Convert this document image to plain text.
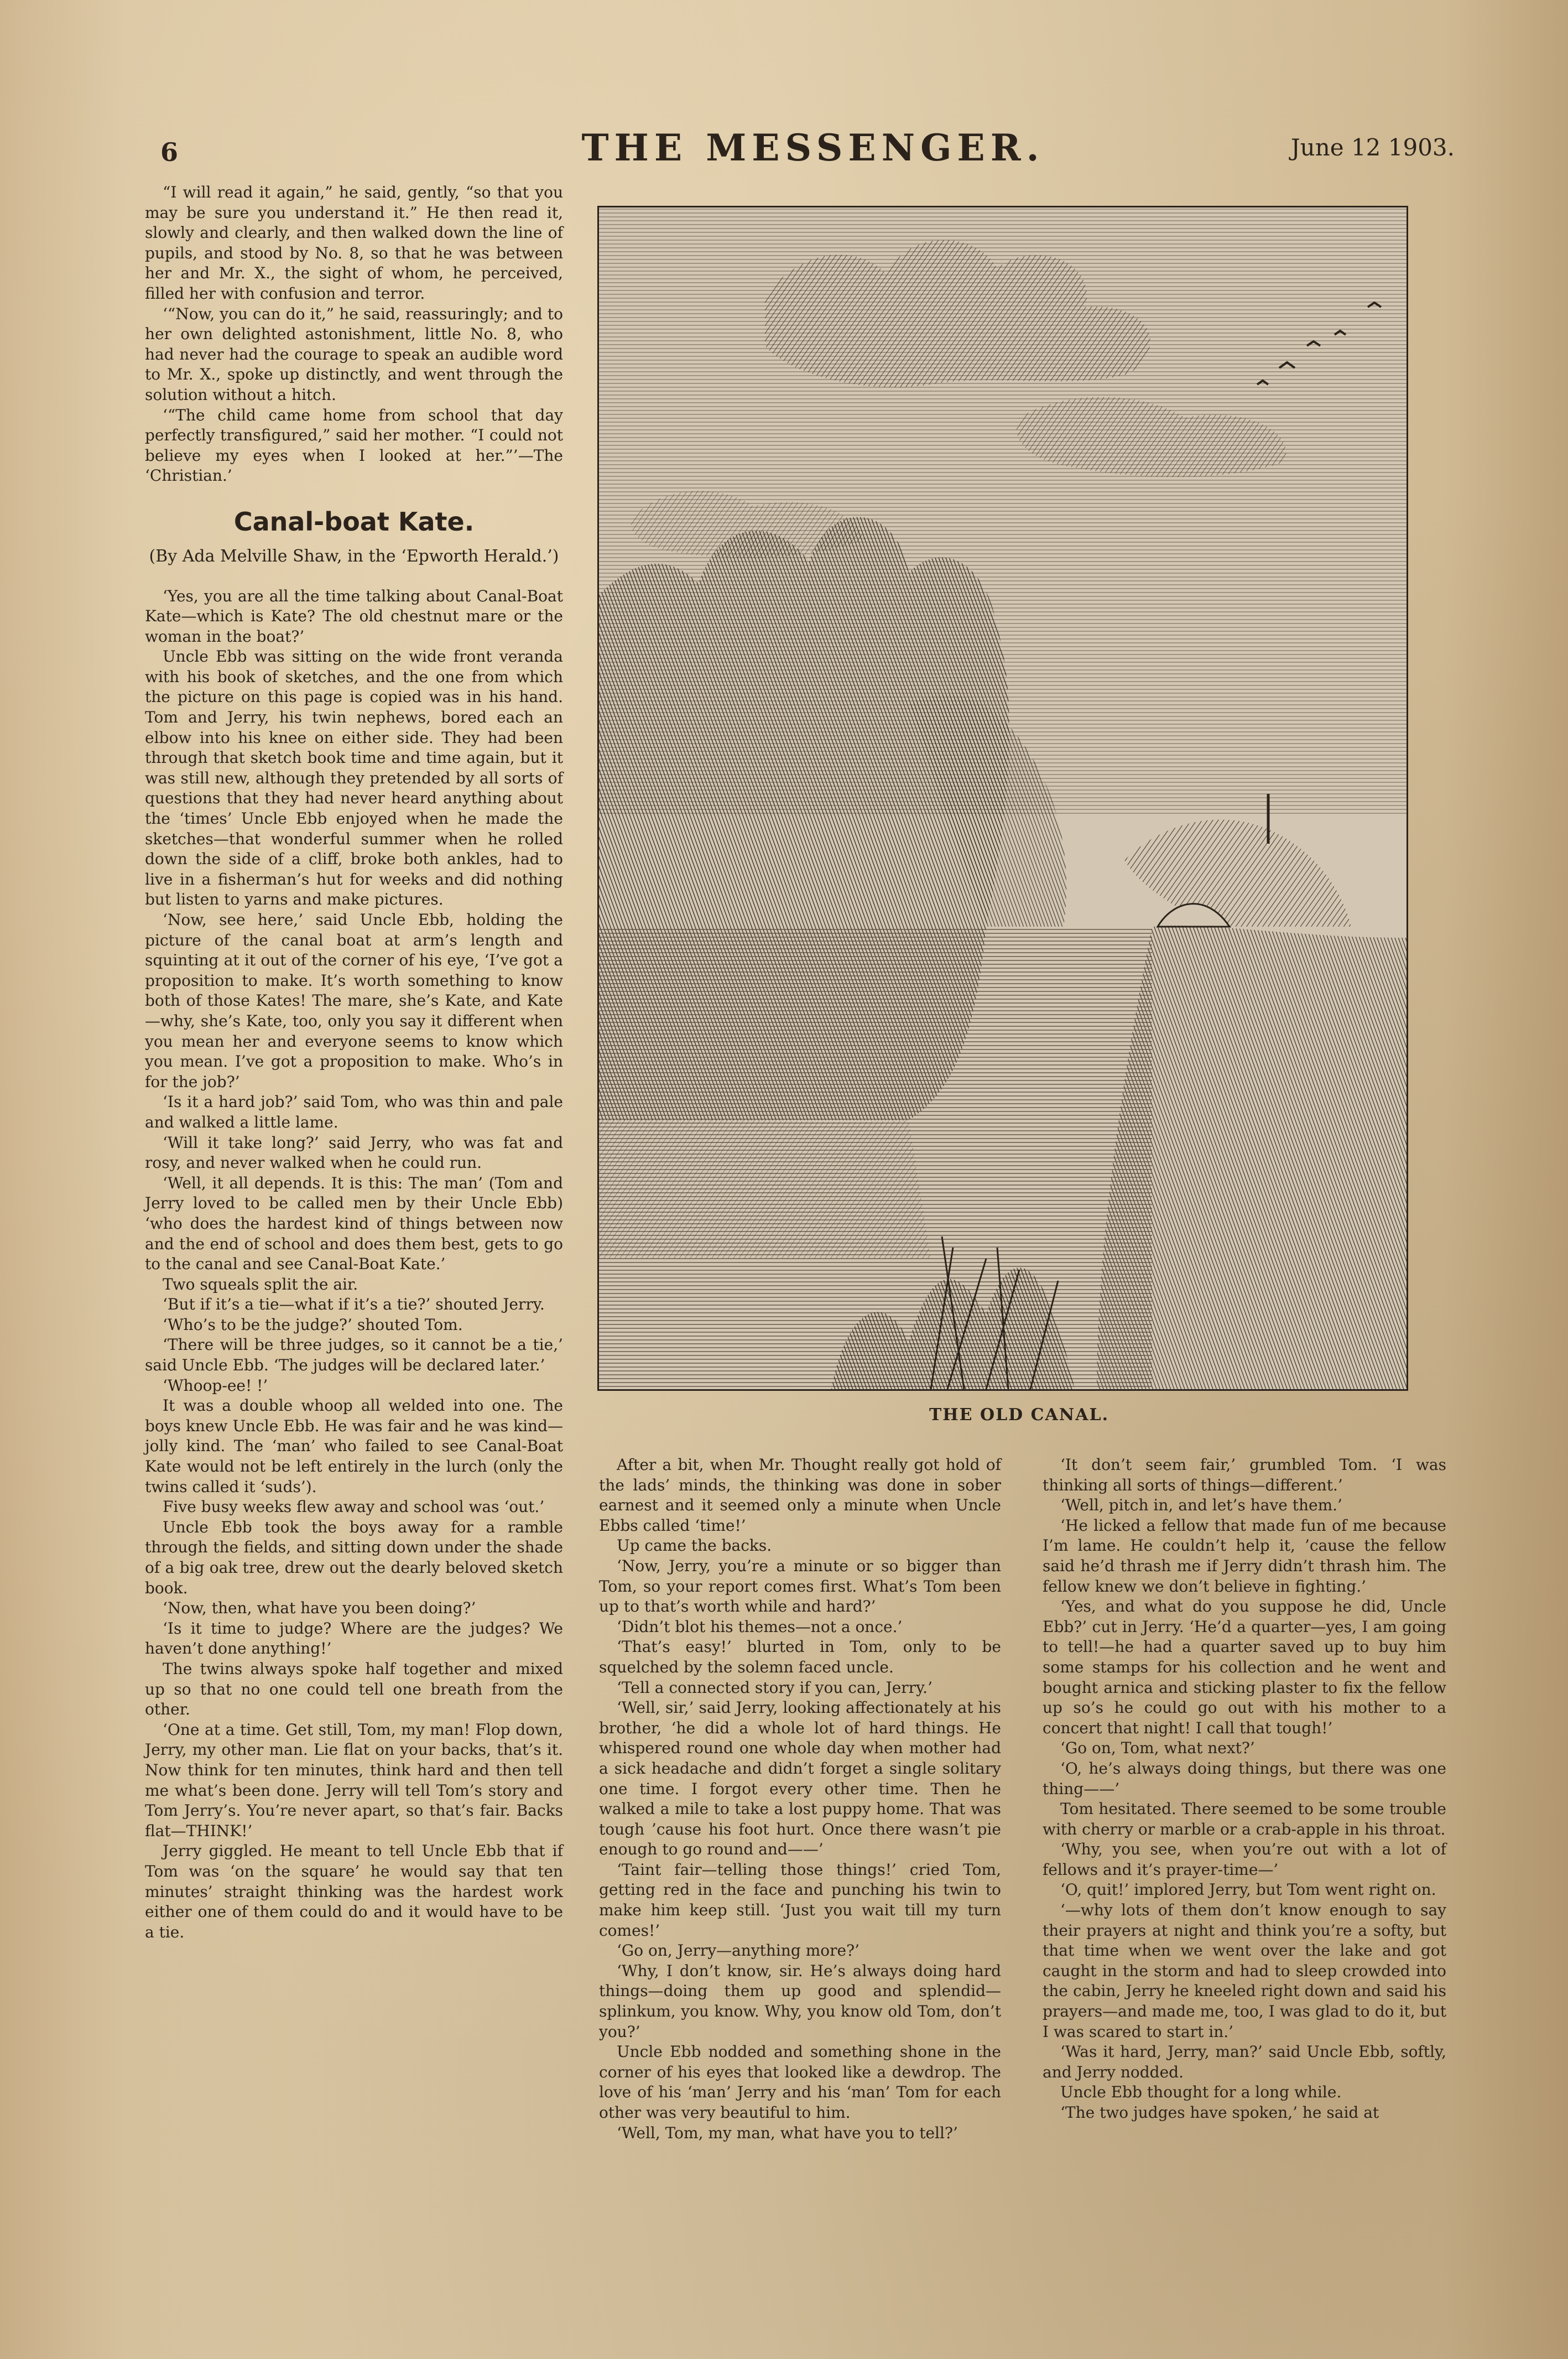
6	THE MESSENGER.	June 12 1903.

“I will read it again,” he said, gently, “so that you may be sure you understand it.” He then read it, slowly and clearly, and then walked down the line of pupils, and stood by No. 8, so that he was between her and Mr. X., the sight of whom, he perceived, filled her with confusion and terror.

‘“Now, you can do it,” he said, reassuringly; and to her own delighted astonishment, little No. 8, who had never had the courage to speak an audible word to Mr. X., spoke up distinctly, and went through the solution without a hitch.

‘“The child came home from school that day perfectly transfigured,” said her mother. “I could not believe my eyes when I looked at her.”’—The ‘Christian.’

Canal-boat Kate.
(By Ada Melville Shaw, in the ‘Epworth Herald.’)

‘Yes, you are all the time talking about Canal-Boat Kate—which is Kate? The old chestnut mare or the woman in the boat?’

Uncle Ebb was sitting on the wide front veranda with his book of sketches, and the one from which the picture on this page is copied was in his hand. Tom and Jerry, his twin nephews, bored each an elbow into his knee on either side. They had been through that sketch book time and time again, but it was still new, although they pretended by all sorts of questions that they had never heard anything about the ‘times’ Uncle Ebb enjoyed when he made the sketches—that wonderful summer when he rolled down the side of a cliff, broke both ankles, had to live in a fisherman’s hut for weeks and did nothing but listen to yarns and make pictures.

‘Now, see here,’ said Uncle Ebb, holding the picture of the canal boat at arm’s length and squinting at it out of the corner of his eye, ‘I’ve got a proposition to make. It’s worth something to know both of those Kates! The mare, she’s Kate, and Kate—why, she’s Kate, too, only you say it different when you mean her and everyone seems to know which you mean. I’ve got a proposition to make. Who’s in for the job?’

‘Is it a hard job?’ said Tom, who was thin and pale and walked a little lame.

‘Will it take long?’ said Jerry, who was fat and rosy, and never walked when he could run.

‘Well, it all depends. It is this: The man’ (Tom and Jerry loved to be called men by their Uncle Ebb) ‘who does the hardest kind of things between now and the end of school and does them best, gets to go to the canal and see Canal-Boat Kate.’

Two squeals split the air.

‘But if it’s a tie—what if it’s a tie?’ shouted Jerry.

‘Who’s to be the judge?’ shouted Tom.

‘There will be three judges, so it cannot be a tie,’ said Uncle Ebb. ‘The judges will be declared later.’

‘Whoop-ee! !’

It was a double whoop all welded into one. The boys knew Uncle Ebb. He was fair and he was kind—jolly kind. The ‘man’ who failed to see Canal-Boat Kate would not be left entirely in the lurch (only the twins called it ‘suds’).

Five busy weeks flew away and school was ‘out.’

Uncle Ebb took the boys away for a ramble through the fields, and sitting down under the shade of a big oak tree, drew out the dearly beloved sketch book.

‘Now, then, what have you been doing?’

‘Is it time to judge? Where are the judges? We haven’t done anything!’

The twins always spoke half together and mixed up so that no one could tell one breath from the other.

‘One at a time. Get still, Tom, my man! Flop down, Jerry, my other man. Lie flat on your backs, that’s it. Now think for ten minutes, think hard and then tell me what’s been done. Jerry will tell Tom’s story and Tom Jerry’s. You’re never apart, so that’s fair. Backs flat—THINK!’

Jerry giggled. He meant to tell Uncle Ebb that if Tom was ‘on the square’ he would say that ten minutes’ straight thinking was the hardest work either one of them could do and it would have to be a tie.

THE OLD CANAL.

After a bit, when Mr. Thought really got hold of the lads’ minds, the thinking was done in sober earnest and it seemed only a minute when Uncle Ebbs called ‘time!’

Up came the backs.

‘Now, Jerry, you’re a minute or so bigger than Tom, so your report comes first. What’s Tom been up to that’s worth while and hard?’

‘Didn’t blot his themes—not a once.’

‘That’s easy!’ blurted in Tom, only to be squelched by the solemn faced uncle.

‘Tell a connected story if you can, Jerry.’

‘Well, sir,’ said Jerry, looking affectionately at his brother, ‘he did a whole lot of hard things. He whispered round one whole day when mother had a sick headache and didn’t forget a single solitary one time. I forgot every other time. Then he walked a mile to take a lost puppy home. That was tough ’cause his foot hurt. Once there wasn’t pie enough to go round and——’

‘Taint fair—telling those things!’ cried Tom, getting red in the face and punching his twin to make him keep still. ‘Just you wait till my turn comes!’

‘Go on, Jerry—anything more?’

‘Why, I don’t know, sir. He’s always doing hard things—doing them up good and splendid—splinkum, you know. Why, you know old Tom, don’t you?’

Uncle Ebb nodded and something shone in the corner of his eyes that looked like a dewdrop. The love of his ‘man’ Jerry and his ‘man’ Tom for each other was very beautiful to him.

‘Well, Tom, my man, what have you to tell?’

‘It don’t seem fair,’ grumbled Tom. ‘I was thinking all sorts of things—different.’

‘Well, pitch in, and let’s have them.’

‘He licked a fellow that made fun of me because I’m lame. He couldn’t help it, ’cause the fellow said he’d thrash me if Jerry didn’t thrash him. The fellow knew we don’t believe in fighting.’

‘Yes, and what do you suppose he did, Uncle Ebb?’ cut in Jerry. ‘He’d a quarter—yes, I am going to tell!—he had a quarter saved up to buy him some stamps for his collection and he went and bought arnica and sticking plaster to fix the fellow up so’s he could go out with his mother to a concert that night! I call that tough!’

‘Go on, Tom, what next?’

‘O, he’s always doing things, but there was one thing——’

Tom hesitated. There seemed to be some trouble with cherry or marble or a crab-apple in his throat.

‘Why, you see, when you’re out with a lot of fellows and it’s prayer-time—’

‘O, quit!’ implored Jerry, but Tom went right on.

‘—why lots of them don’t know enough to say their prayers at night and think you’re a softy, but that time when we went over the lake and got caught in the storm and had to sleep crowded into the cabin, Jerry he kneeled right down and said his prayers—and made me, too, I was glad to do it, but I was scared to start in.’

‘Was it hard, Jerry, man?’ said Uncle Ebb, softly, and Jerry nodded.

Uncle Ebb thought for a long while.

‘The two judges have spoken,’ he said at
